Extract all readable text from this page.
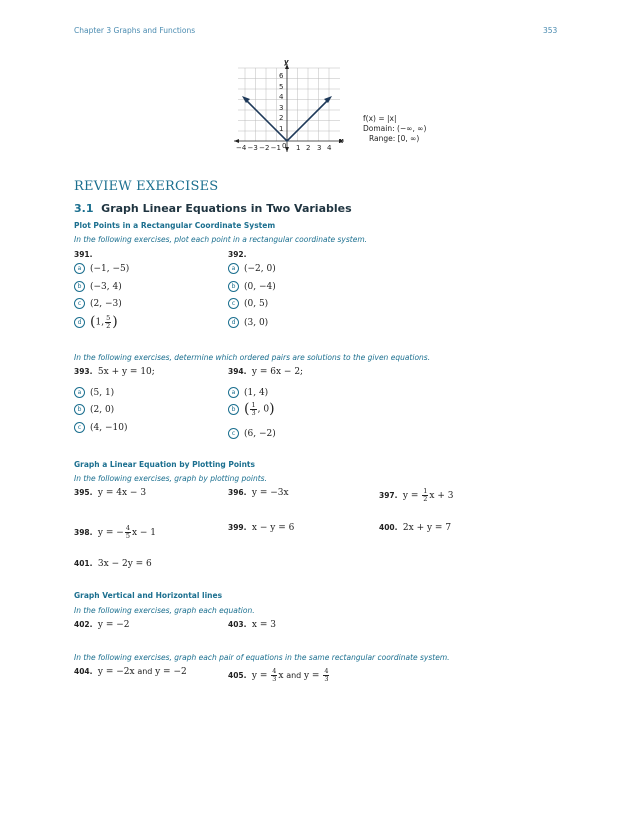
Chapter 3 Graphs and Functions	353
y
x
6
5
4
3
2
1
−4 −3 −2 −1 0 1 2 3 4
f(x) = |x|
Domain: (−∞, ∞)
Range: [0, ∞)
REVIEW EXERCISES
3.1 Graph Linear Equations in Two Variables
Plot Points in a Rectangular Coordinate System
In the following exercises, plot each point in a rectangular coordinate system.
391.
a (−1, −5)
b (−3, 4)
c (2, −3)
d (1, $\frac{5}{2}$ )
392.
a (−2, 0)
b (0, −4)
c (0, 5)
d (3, 0)
In the following exercises, determine which ordered pairs are solutions to the given equations.
393. 5x + y = 10;
a (5, 1)
b (2, 0)
c (4, −10)
394. y = 6x − 2;
a (1, 4)
b ( $\frac{1}{3}$ , 0)
c (6, −2)
Graph a Linear Equation by Plotting Points
In the following exercises, graph by plotting points.
395. y = 4x − 3	396. y = −3x	397. $y = \frac{1}{2}$ x + 3
398. y = − $\frac{4}{5}$ x − 1
399. x − y = 6	400. 2x + y = 7
401. 3x − 2y = 6
Graph Vertical and Horizontal lines
In the following exercises, graph each equation.
402. y = −2	403. x = 3
In the following exercises, graph each pair of equations in the same rectangular coordinate system.
404. y = −2x and y = −2	405. $y = \frac{4}{3}$ x and $y = \frac{4}{3}$
